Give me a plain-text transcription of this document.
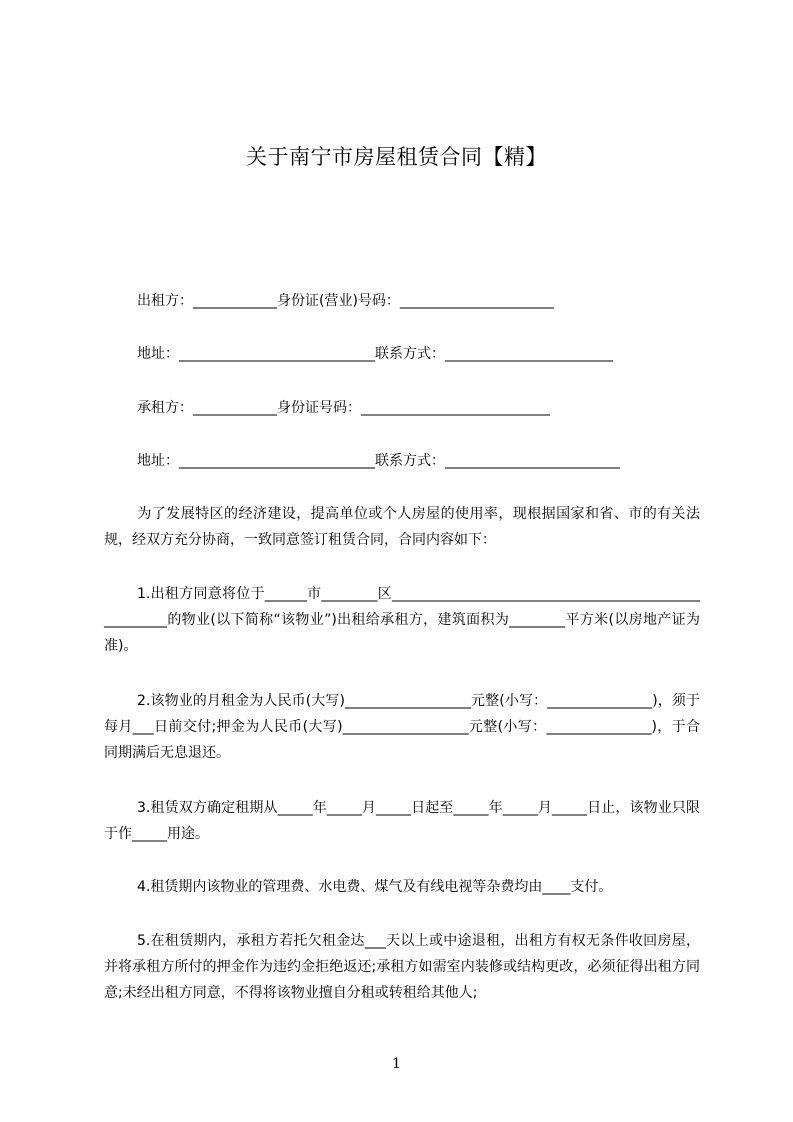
关于南宁市房屋租赁合同【精】
出租方：____________身份证(营业)号码：______________________
地址：____________________________联系方式：________________________
承租方：____________身份证号码：___________________________
地址：____________________________联系方式：_________________________
为了发展特区的经济建设，提高单位或个人房屋的使用率，现根据国家和省、市的有关法规，经双方充分协商，一致同意签订租赁合同，合同内容如下：
1.出租方同意将位于______市________区_____________________________________________________的物业(以下简称“该物业”)出租给承租方，建筑面积为________平方米(以房地产证为准)。
2.该物业的月租金为人民币(大写)__________________元整(小写：_______________)，须于每月___日前交付;押金为人民币(大写)__________________元整(小写：_______________)，于合同期满后无息退还。
3.租赁双方确定租期从_____年_____月_____日起至_____年_____月_____日止，该物业只限于作_____用途。
4.租赁期内该物业的管理费、水电费、煤气及有线电视等杂费均由____支付。
5.在租赁期内，承租方若托欠租金达___天以上或中途退租，出租方有权无条件收回房屋，并将承租方所付的押金作为违约金拒绝返还;承租方如需室内装修或结构更改，必须征得出租方同意;未经出租方同意，不得将该物业擅自分租或转租给其他人;
1
